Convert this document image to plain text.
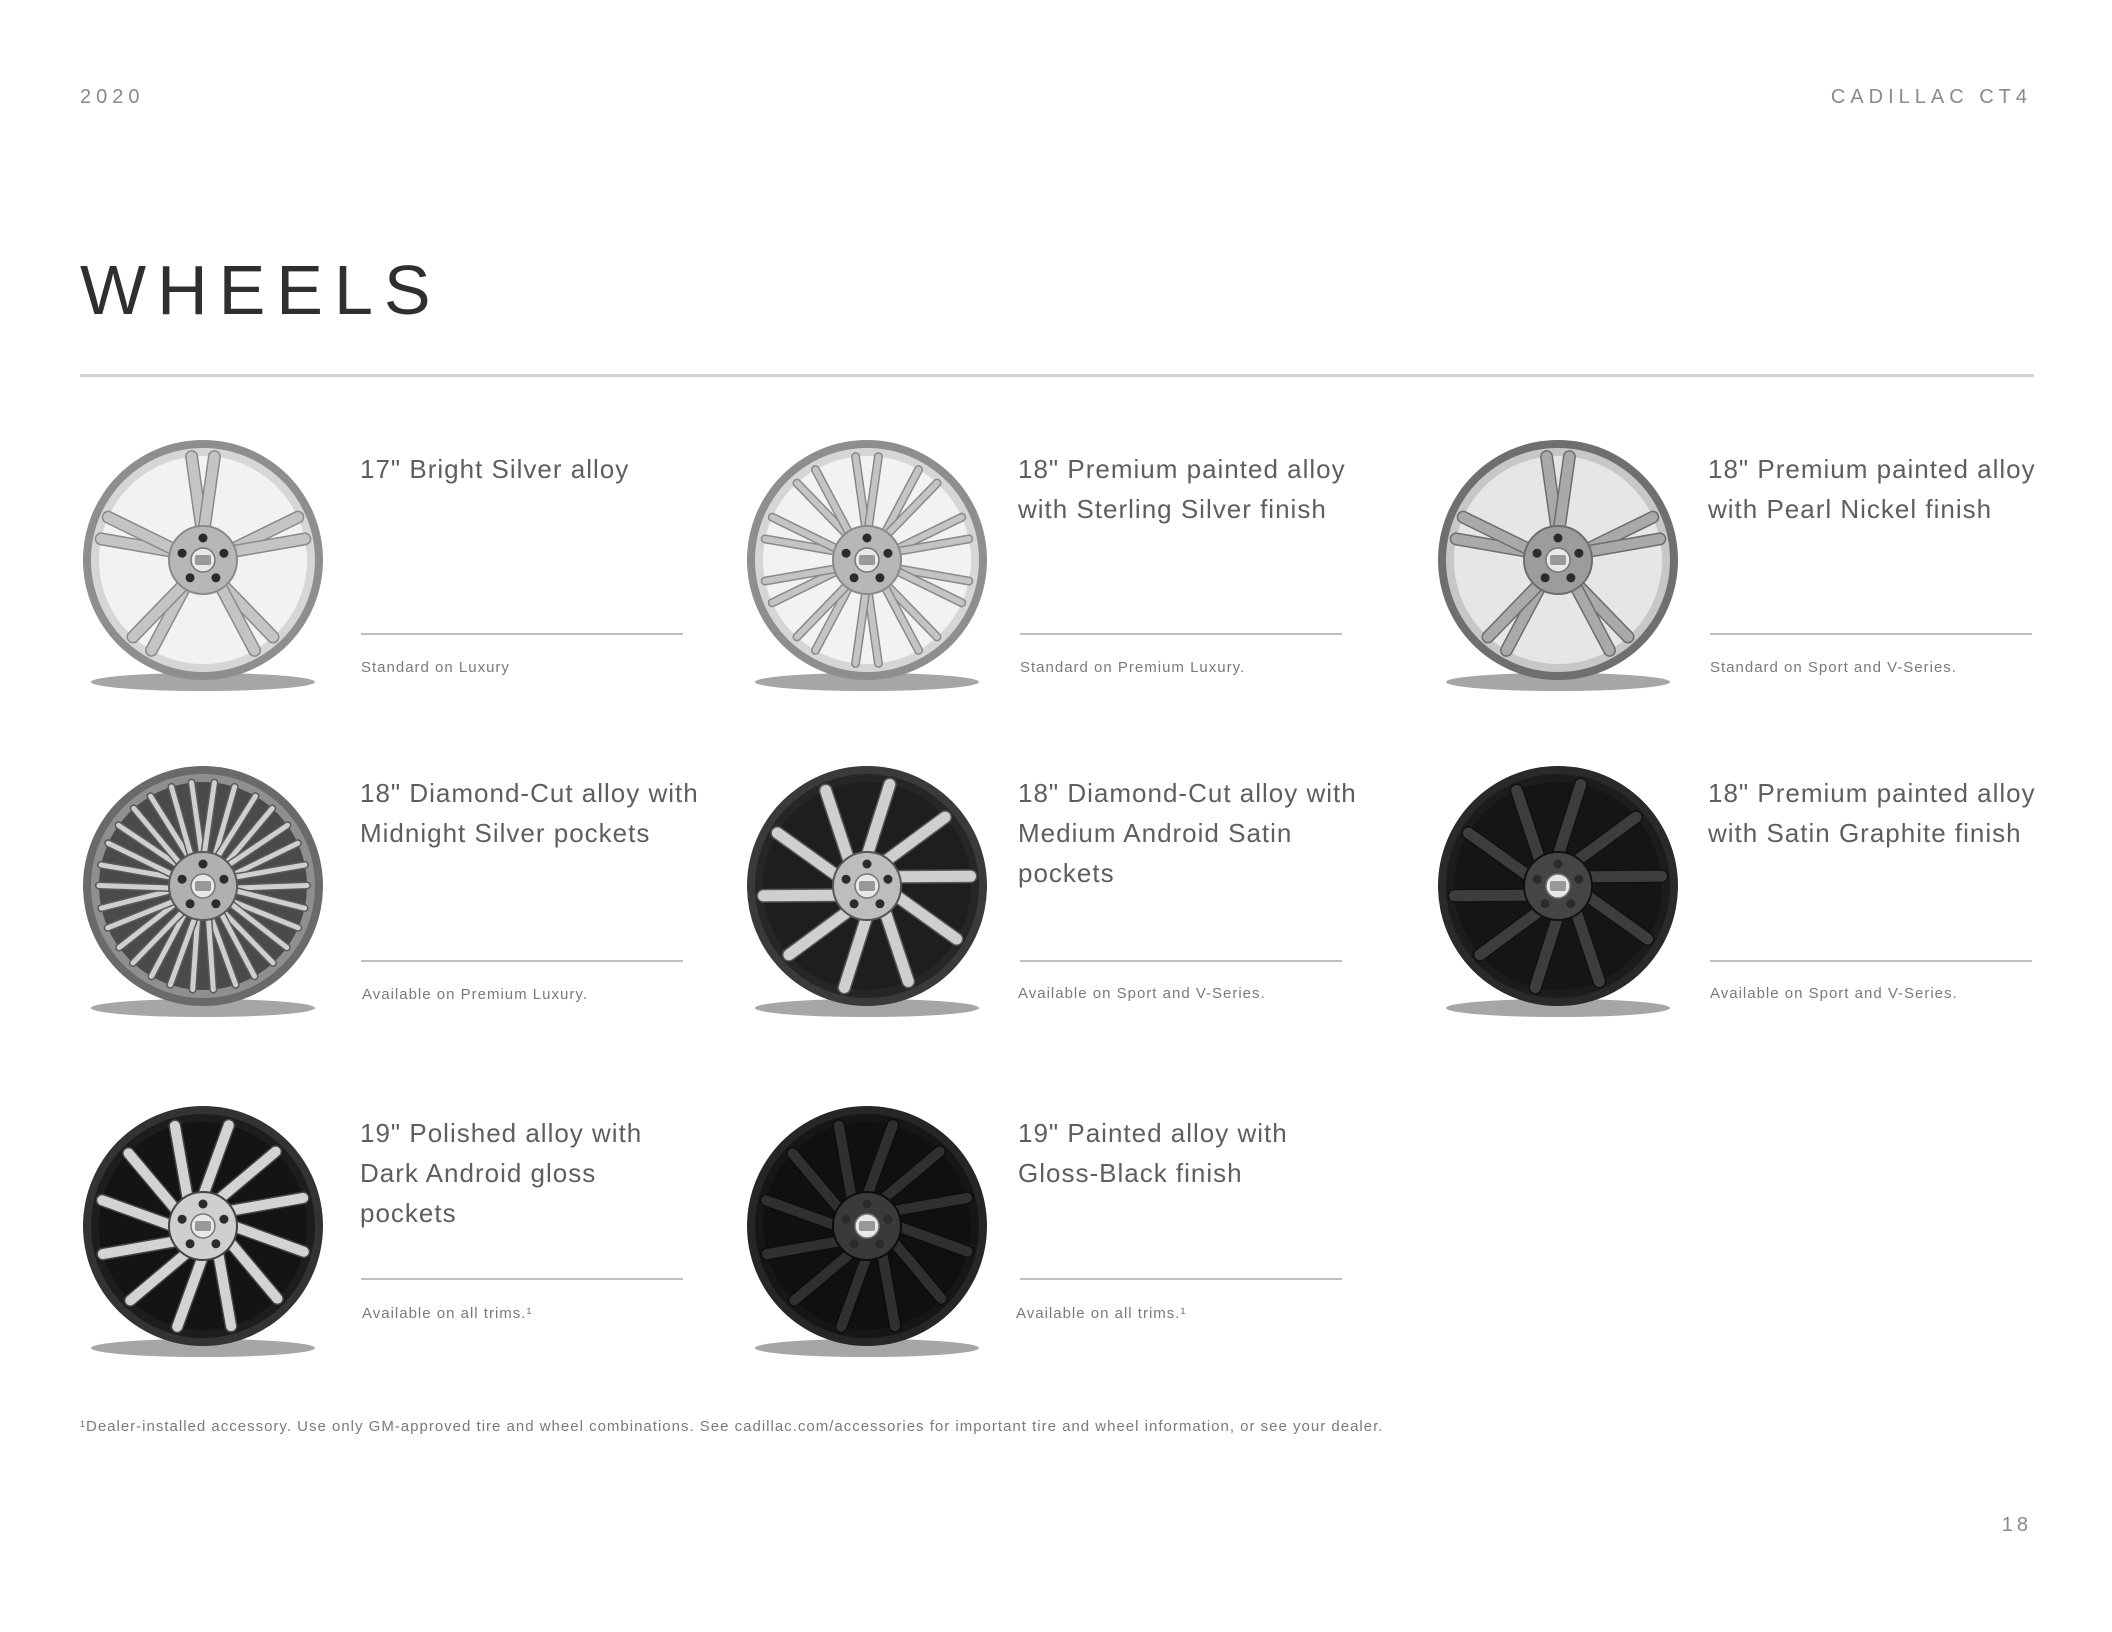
2020	CADILLAC CT4
WHEELS
17" Bright Silver alloy
Standard on Luxury
18" Premium painted alloy with Sterling Silver finish
Standard on Premium Luxury.
18" Premium painted alloy with Pearl Nickel finish
Standard on Sport and V-Series.
18" Diamond-Cut alloy with Midnight Silver pockets
Available on Premium Luxury.
18" Diamond-Cut alloy with Medium Android Satin pockets
Available on Sport and V-Series.
18" Premium painted alloy with Satin Graphite finish
Available on Sport and V-Series.
19" Polished alloy with Dark Android gloss pockets
Available on all trims.¹
19" Painted alloy with Gloss-Black finish
Available on all trims.¹
¹Dealer-installed accessory. Use only GM-approved tire and wheel combinations. See cadillac.com/accessories for important tire and wheel information, or see your dealer.
18
